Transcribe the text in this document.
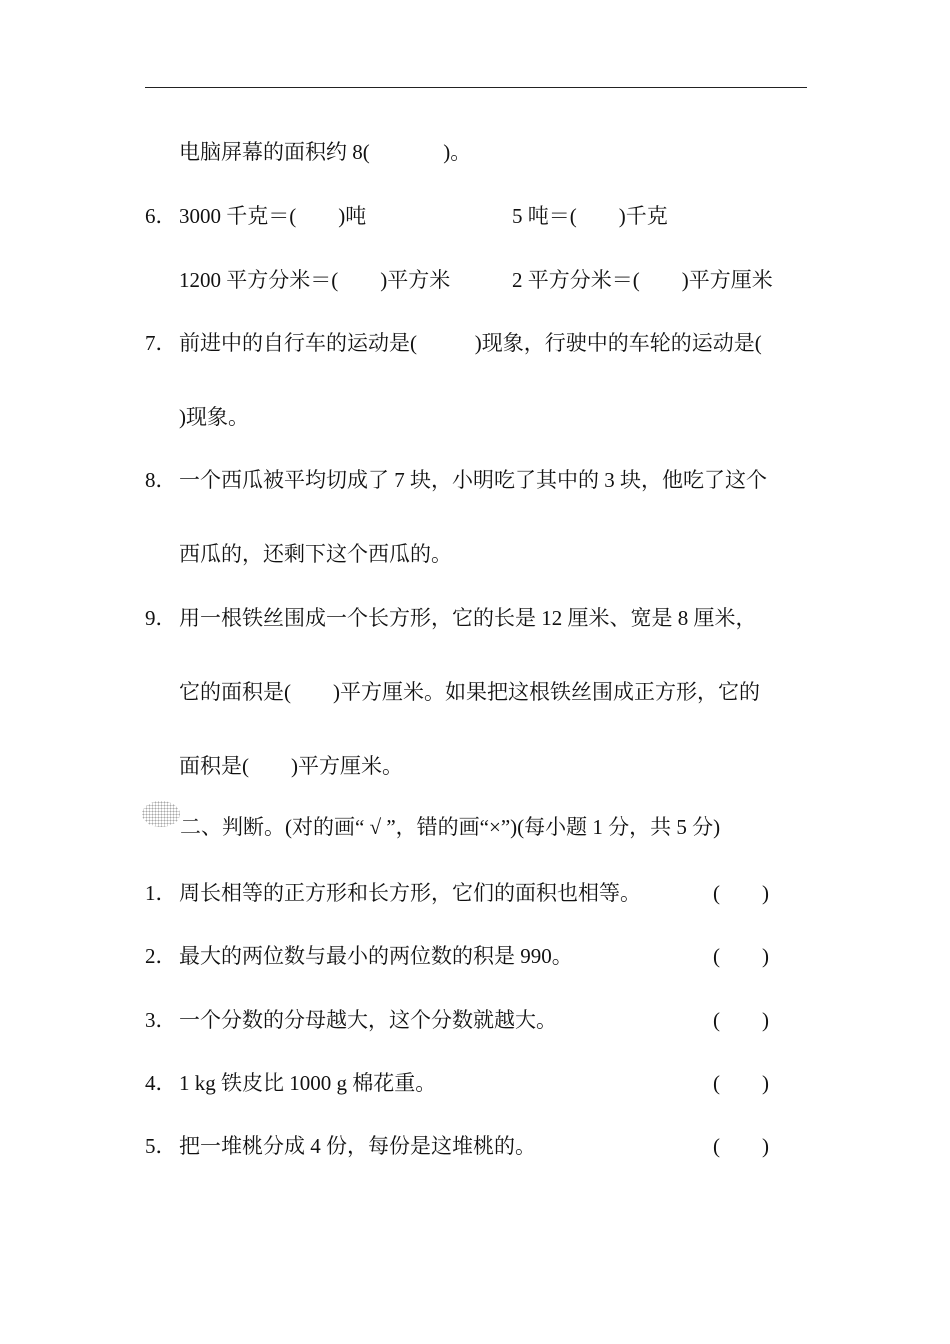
电脑屏幕的面积约 8(              )。
6． 3000 千克＝(        )吨	5 吨＝(        )千克
1200 平方分米＝(        )平方米	2 平方分米＝(        )平方厘米
7． 前进中的自行车的运动是(           )现象，行驶中的车轮的运动是(
)现象。
8． 一个西瓜被平均切成了 7 块，小明吃了其中的 3 块，他吃了这个
西瓜的，还剩下这个西瓜的。
9． 用一根铁丝围成一个长方形，它的长是 12 厘米、宽是 8 厘米，
它的面积是(        )平方厘米。如果把这根铁丝围成正方形，它的
面积是(        )平方厘米。
二、判断。(对的画“ √ ”，错的画“×”)(每小题 1 分，共 5 分)
1． 周长相等的正方形和长方形，它们的面积也相等。	(        )
2． 最大的两位数与最小的两位数的积是 990。	(        )
3． 一个分数的分母越大，这个分数就越大。	(        )
4． 1 kg 铁皮比 1000 g 棉花重。	(        )
5． 把一堆桃分成 4 份，每份是这堆桃的。	(        )
